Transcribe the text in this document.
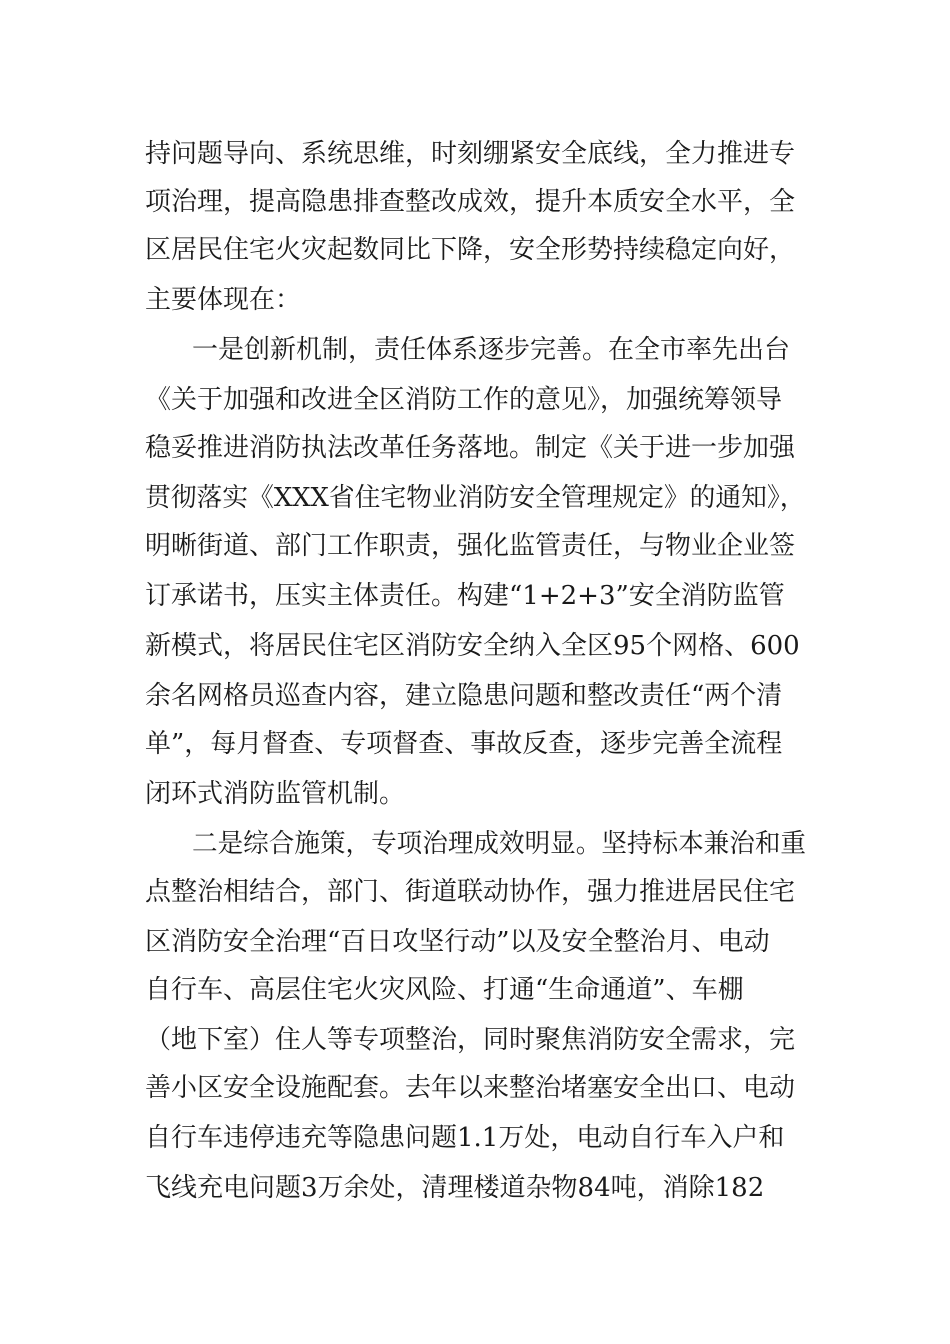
持问题导向、系统思维，时刻绷紧安全底线，全力推进专
项治理，提高隐患排查整改成效，提升本质安全水平，全
区居民住宅火灾起数同比下降，安全形势持续稳定向好，
主要体现在：
一是创新机制，责任体系逐步完善。在全市率先出台
《关于加强和改进全区消防工作的意见》，加强统筹领导
稳妥推进消防执法改革任务落地。制定《关于进一步加强
贯彻落实《XXX省住宅物业消防安全管理规定》的通知》，
明晰街道、部门工作职责，强化监管责任，与物业企业签
订承诺书，压实主体责任。构建“1+2+3”安全消防监管
新模式，将居民住宅区消防安全纳入全区95个网格、600
余名网格员巡查内容，建立隐患问题和整改责任“两个清
单”，每月督查、专项督查、事故反查，逐步完善全流程
闭环式消防监管机制。
二是综合施策，专项治理成效明显。坚持标本兼治和重
点整治相结合，部门、街道联动协作，强力推进居民住宅
区消防安全治理“百日攻坚行动”以及安全整治月、电动
自行车、高层住宅火灾风险、打通“生命通道”、车棚
（地下室）住人等专项整治，同时聚焦消防安全需求，完
善小区安全设施配套。去年以来整治堵塞安全出口、电动
自行车违停违充等隐患问题1.1万处，电动自行车入户和
飞线充电问题3万余处，清理楼道杂物84吨，消除182
